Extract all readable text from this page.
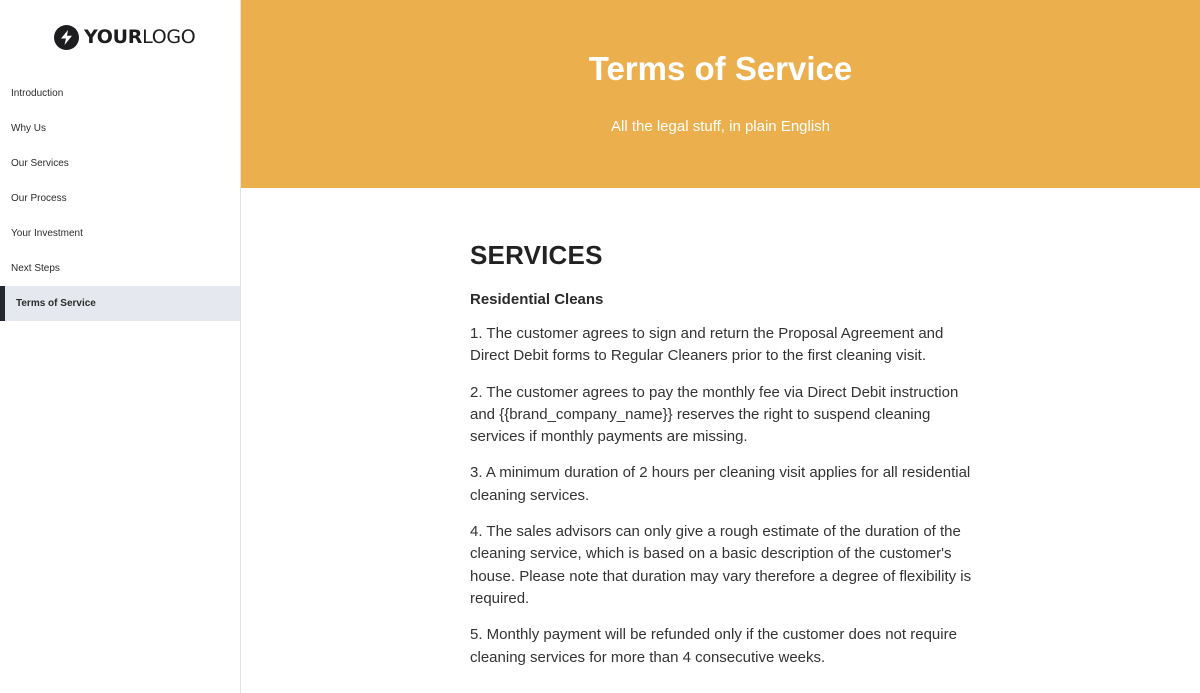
YOURLOGO
Introduction
Why Us
Our Services
Our Process
Your Investment
Next Steps
Terms of Service
Terms of Service

All the legal stuff, in plain English

SERVICES
Residential Cleans

1. The customer agrees to sign and return the Proposal Agreement and Direct Debit forms to Regular Cleaners prior to the first cleaning visit.

2. The customer agrees to pay the monthly fee via Direct Debit instruction and {{brand_company_name}} reserves the right to suspend cleaning services if monthly payments are missing.

3. A minimum duration of 2 hours per cleaning visit applies for all residential cleaning services.

4. The sales advisors can only give a rough estimate of the duration of the cleaning service, which is based on a basic description of the customer's house. Please note that duration may vary therefore a degree of flexibility is required.

5. Monthly payment will be refunded only if the customer does not require cleaning services for more than 4 consecutive weeks.
